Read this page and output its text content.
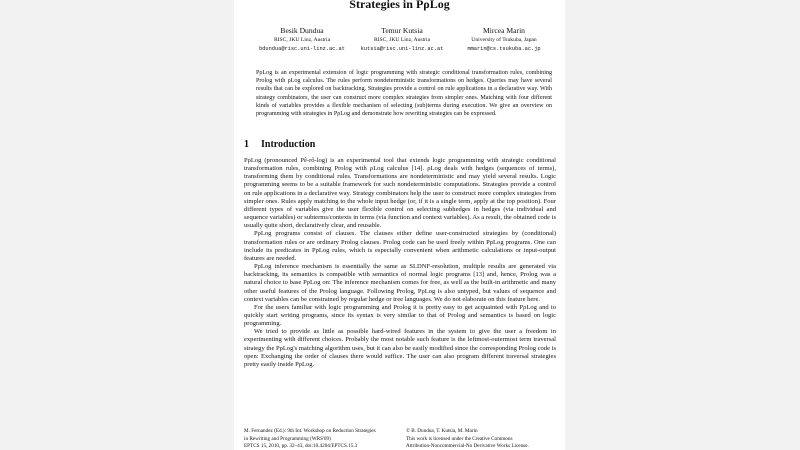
Strategies in PρLog
Besik Dundua
RISC, JKU Linz, Austria
bdundua@risc.uni-linz.ac.at
Temur Kutsia
RISC, JKU Linz, Austria
kutsia@risc.uni-linz.ac.at
Mircea Marin
University of Tsukuba, Japan
mmarin@cs.tsukuba.ac.jp

PρLog is an experimental extension of logic programming with strategic conditional transformation rules, combining Prolog with ρLog calculus. The rules perform nondeterministic transformations on hedges. Queries may have several results that can be explored on backtracking. Strategies provide a control on rule applications in a declarative way. With strategy combinators, the user can construct more complex strategies from simpler ones. Matching with four different kinds of variables provides a flexible mechanism of selecting (sub)terms during execution. We give an overview on programming with strategies in PρLog and demonstrate how rewriting strategies can be expressed.

1 Introduction

PρLog (pronounced Pê-rô-log) is an experimental tool that extends logic programming with strategic conditional transformation rules, combining Prolog with ρLog calculus [14]. ρLog deals with hedges (sequences of terms), transforming them by conditional rules. Transformations are nondeterministic and may yield several results. Logic programming seems to be a suitable framework for such nondeterministic computations. Strategies provide a control on rule applications in a declarative way. Strategy combinators help the user to construct more complex strategies from simpler ones. Rules apply matching to the whole input hedge (or, if it is a single term, apply at the top position). Four different types of variables give the user flexible control on selecting subhedges in hedges (via individual and sequence variables) or subterms/contexts in terms (via function and context variables). As a result, the obtained code is usually quite short, declaratively clear, and reusable.

PρLog programs consist of clauses. The clauses either define user-constructed strategies by (conditional) transformation rules or are ordinary Prolog clauses. Prolog code can be used freely within PρLog programs. One can include its predicates in PρLog rules, which is especially convenient when arithmetic calculations or input-output features are needed.

PρLog inference mechanism is essentially the same as SLDNF-resolution, multiple results are generated via backtracking, its semantics is compatible with semantics of normal logic programs [13] and, hence, Prolog was a natural choice to base PρLog on: The inference mechanism comes for free, as well as the built-in arithmetic and many other useful features of the Prolog language. Following Prolog, PρLog is also untyped, but values of sequence and context variables can be constrained by regular hedge or tree languages. We do not elaborate on this feature here.

For the users familiar with logic programming and Prolog it is pretty easy to get acquainted with PρLog and to quickly start writing programs, since its syntax is very similar to that of Prolog and semantics is based on logic programming.

We tried to provide as little as possible hard-wired features in the system to give the user a freedom in experimenting with different choices. Probably the most notable such feature is the leftmost-outermost term traversal strategy the PρLog's matching algorithm uses, but it can also be easily modified since the corresponding Prolog code is open: Exchanging the order of clauses there would suffice. The user can also program different traversal strategies pretty easily inside PρLog.

M. Fernandez (Ed.): 9th Int. Workshop on Reduction Strategies
in Rewriting and Programming (WRS'09)
EPTCS 15, 2010, pp. 32–43, doi:10.4204/EPTCS.15.3
© B. Dundua, T. Kutsia, M. Marin
This work is licensed under the Creative Commons
Attribution-Noncommercial-No Derivative Works License.
